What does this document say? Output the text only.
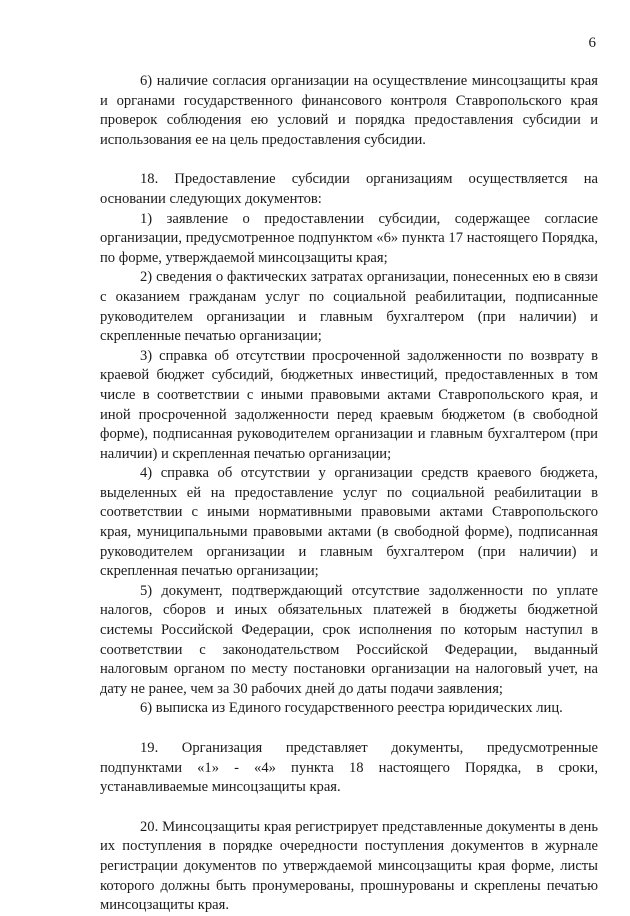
6

6) наличие согласия организации на осуществление минсоцзащиты края и органами государственного финансового контроля Ставропольского края проверок соблюдения ею условий и порядка предоставления субсидии и использования ее на цель предоставления субсидии.

18. Предоставление субсидии организациям осуществляется на основании следующих документов:

1) заявление о предоставлении субсидии, содержащее согласие организации, предусмотренное подпунктом «6» пункта 17 настоящего Порядка, по форме, утверждаемой минсоцзащиты края;

2) сведения о фактических затратах организации, понесенных ею в связи с оказанием гражданам услуг по социальной реабилитации, подписанные руководителем организации и главным бухгалтером (при наличии) и скрепленные печатью организации;

3) справка об отсутствии просроченной задолженности по возврату в краевой бюджет субсидий, бюджетных инвестиций, предоставленных в том числе в соответствии с иными правовыми актами Ставропольского края, и иной просроченной задолженности перед краевым бюджетом (в свободной форме), подписанная руководителем организации и главным бухгалтером (при наличии) и скрепленная печатью организации;

4) справка об отсутствии у организации средств краевого бюджета, выделенных ей на предоставление услуг по социальной реабилитации в соответствии с иными нормативными правовыми актами Ставропольского края, муниципальными правовыми актами (в свободной форме), подписанная руководителем организации и главным бухгалтером (при наличии) и скрепленная печатью организации;

5) документ, подтверждающий отсутствие задолженности по уплате налогов, сборов и иных обязательных платежей в бюджеты бюджетной системы Российской Федерации, срок исполнения по которым наступил в соответствии с законодательством Российской Федерации, выданный налоговым органом по месту постановки организации на налоговый учет, на дату не ранее, чем за 30 рабочих дней до даты подачи заявления;

6) выписка из Единого государственного реестра юридических лиц.

19. Организация представляет документы, предусмотренные подпунктами «1» - «4» пункта 18 настоящего Порядка, в сроки, устанавливаемые минсоцзащиты края.

20. Минсоцзащиты края регистрирует представленные документы в день их поступления в порядке очередности поступления документов в журнале регистрации документов по утверждаемой минсоцзащиты края форме, листы которого должны быть пронумерованы, прошнурованы и скреплены печатью минсоцзащиты края.
